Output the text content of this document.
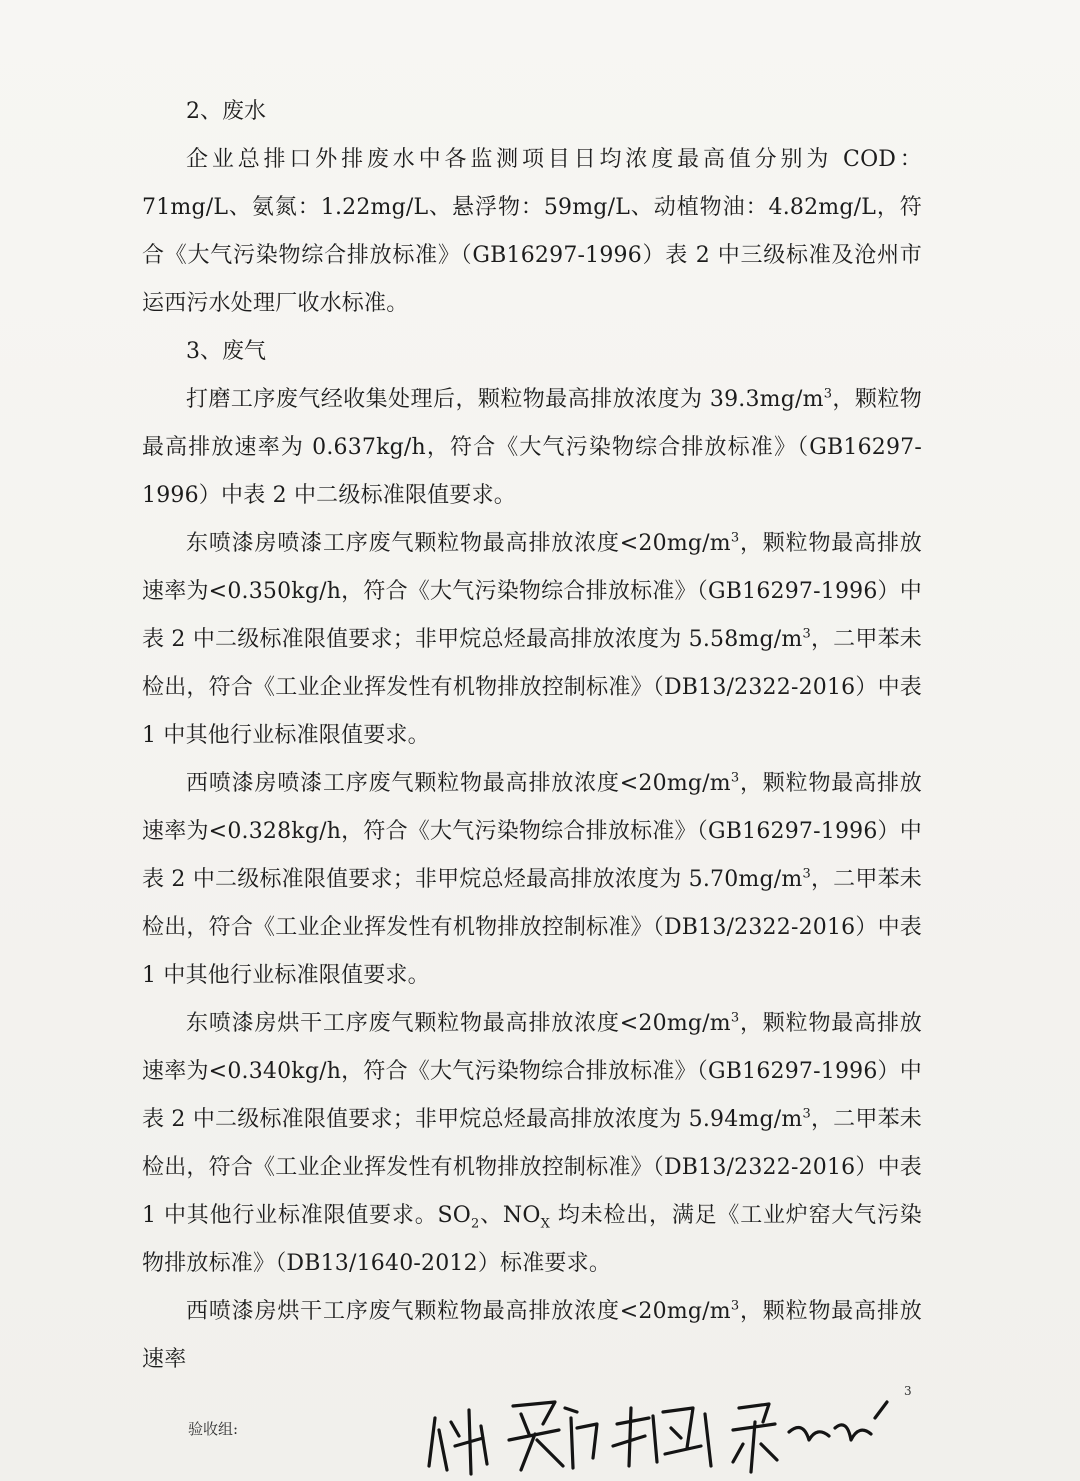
2、废水

企业总排口外排废水中各监测项目日均浓度最高值分别为 COD：71mg/L、氨氮：1.22mg/L、悬浮物：59mg/L、动植物油：4.82mg/L，符合《大气污染物综合排放标准》（GB16297-1996）表 2 中三级标准及沧州市运西污水处理厂收水标准。

3、废气

打磨工序废气经收集处理后，颗粒物最高排放浓度为 $39.3mg/m^3$，颗粒物最高排放速率为 0.637kg/h，符合《大气污染物综合排放标准》（GB16297-1996）中表 2 中二级标准限值要求。

东喷漆房喷漆工序废气颗粒物最高排放浓度$<20mg/m^3$，颗粒物最高排放速率为<0.350kg/h，符合《大气污染物综合排放标准》（GB16297-1996）中表 2 中二级标准限值要求；非甲烷总烃最高排放浓度为 $5.58mg/m^3$，二甲苯未检出，符合《工业企业挥发性有机物排放控制标准》（DB13/2322-2016）中表 1 中其他行业标准限值要求。

西喷漆房喷漆工序废气颗粒物最高排放浓度$<20mg/m^3$，颗粒物最高排放速率为<0.328kg/h，符合《大气污染物综合排放标准》（GB16297-1996）中表 2 中二级标准限值要求；非甲烷总烃最高排放浓度为 $5.70mg/m^3$，二甲苯未检出，符合《工业企业挥发性有机物排放控制标准》（DB13/2322-2016）中表 1 中其他行业标准限值要求。

东喷漆房烘干工序废气颗粒物最高排放浓度$<20mg/m^3$，颗粒物最高排放速率为<0.340kg/h，符合《大气污染物综合排放标准》（GB16297-1996）中表 2 中二级标准限值要求；非甲烷总烃最高排放浓度为 $5.94mg/m^3$，二甲苯未检出，符合《工业企业挥发性有机物排放控制标准》（DB13/2322-2016）中表 1 中其他行业标准限值要求。$SO_2$、$NO_X$ 均未检出，满足《工业炉窑大气污染物排放标准》（DB13/1640-2012）标准要求。

西喷漆房烘干工序废气颗粒物最高排放浓度$<20mg/m^3$，颗粒物最高排放速率

验收组:
3
